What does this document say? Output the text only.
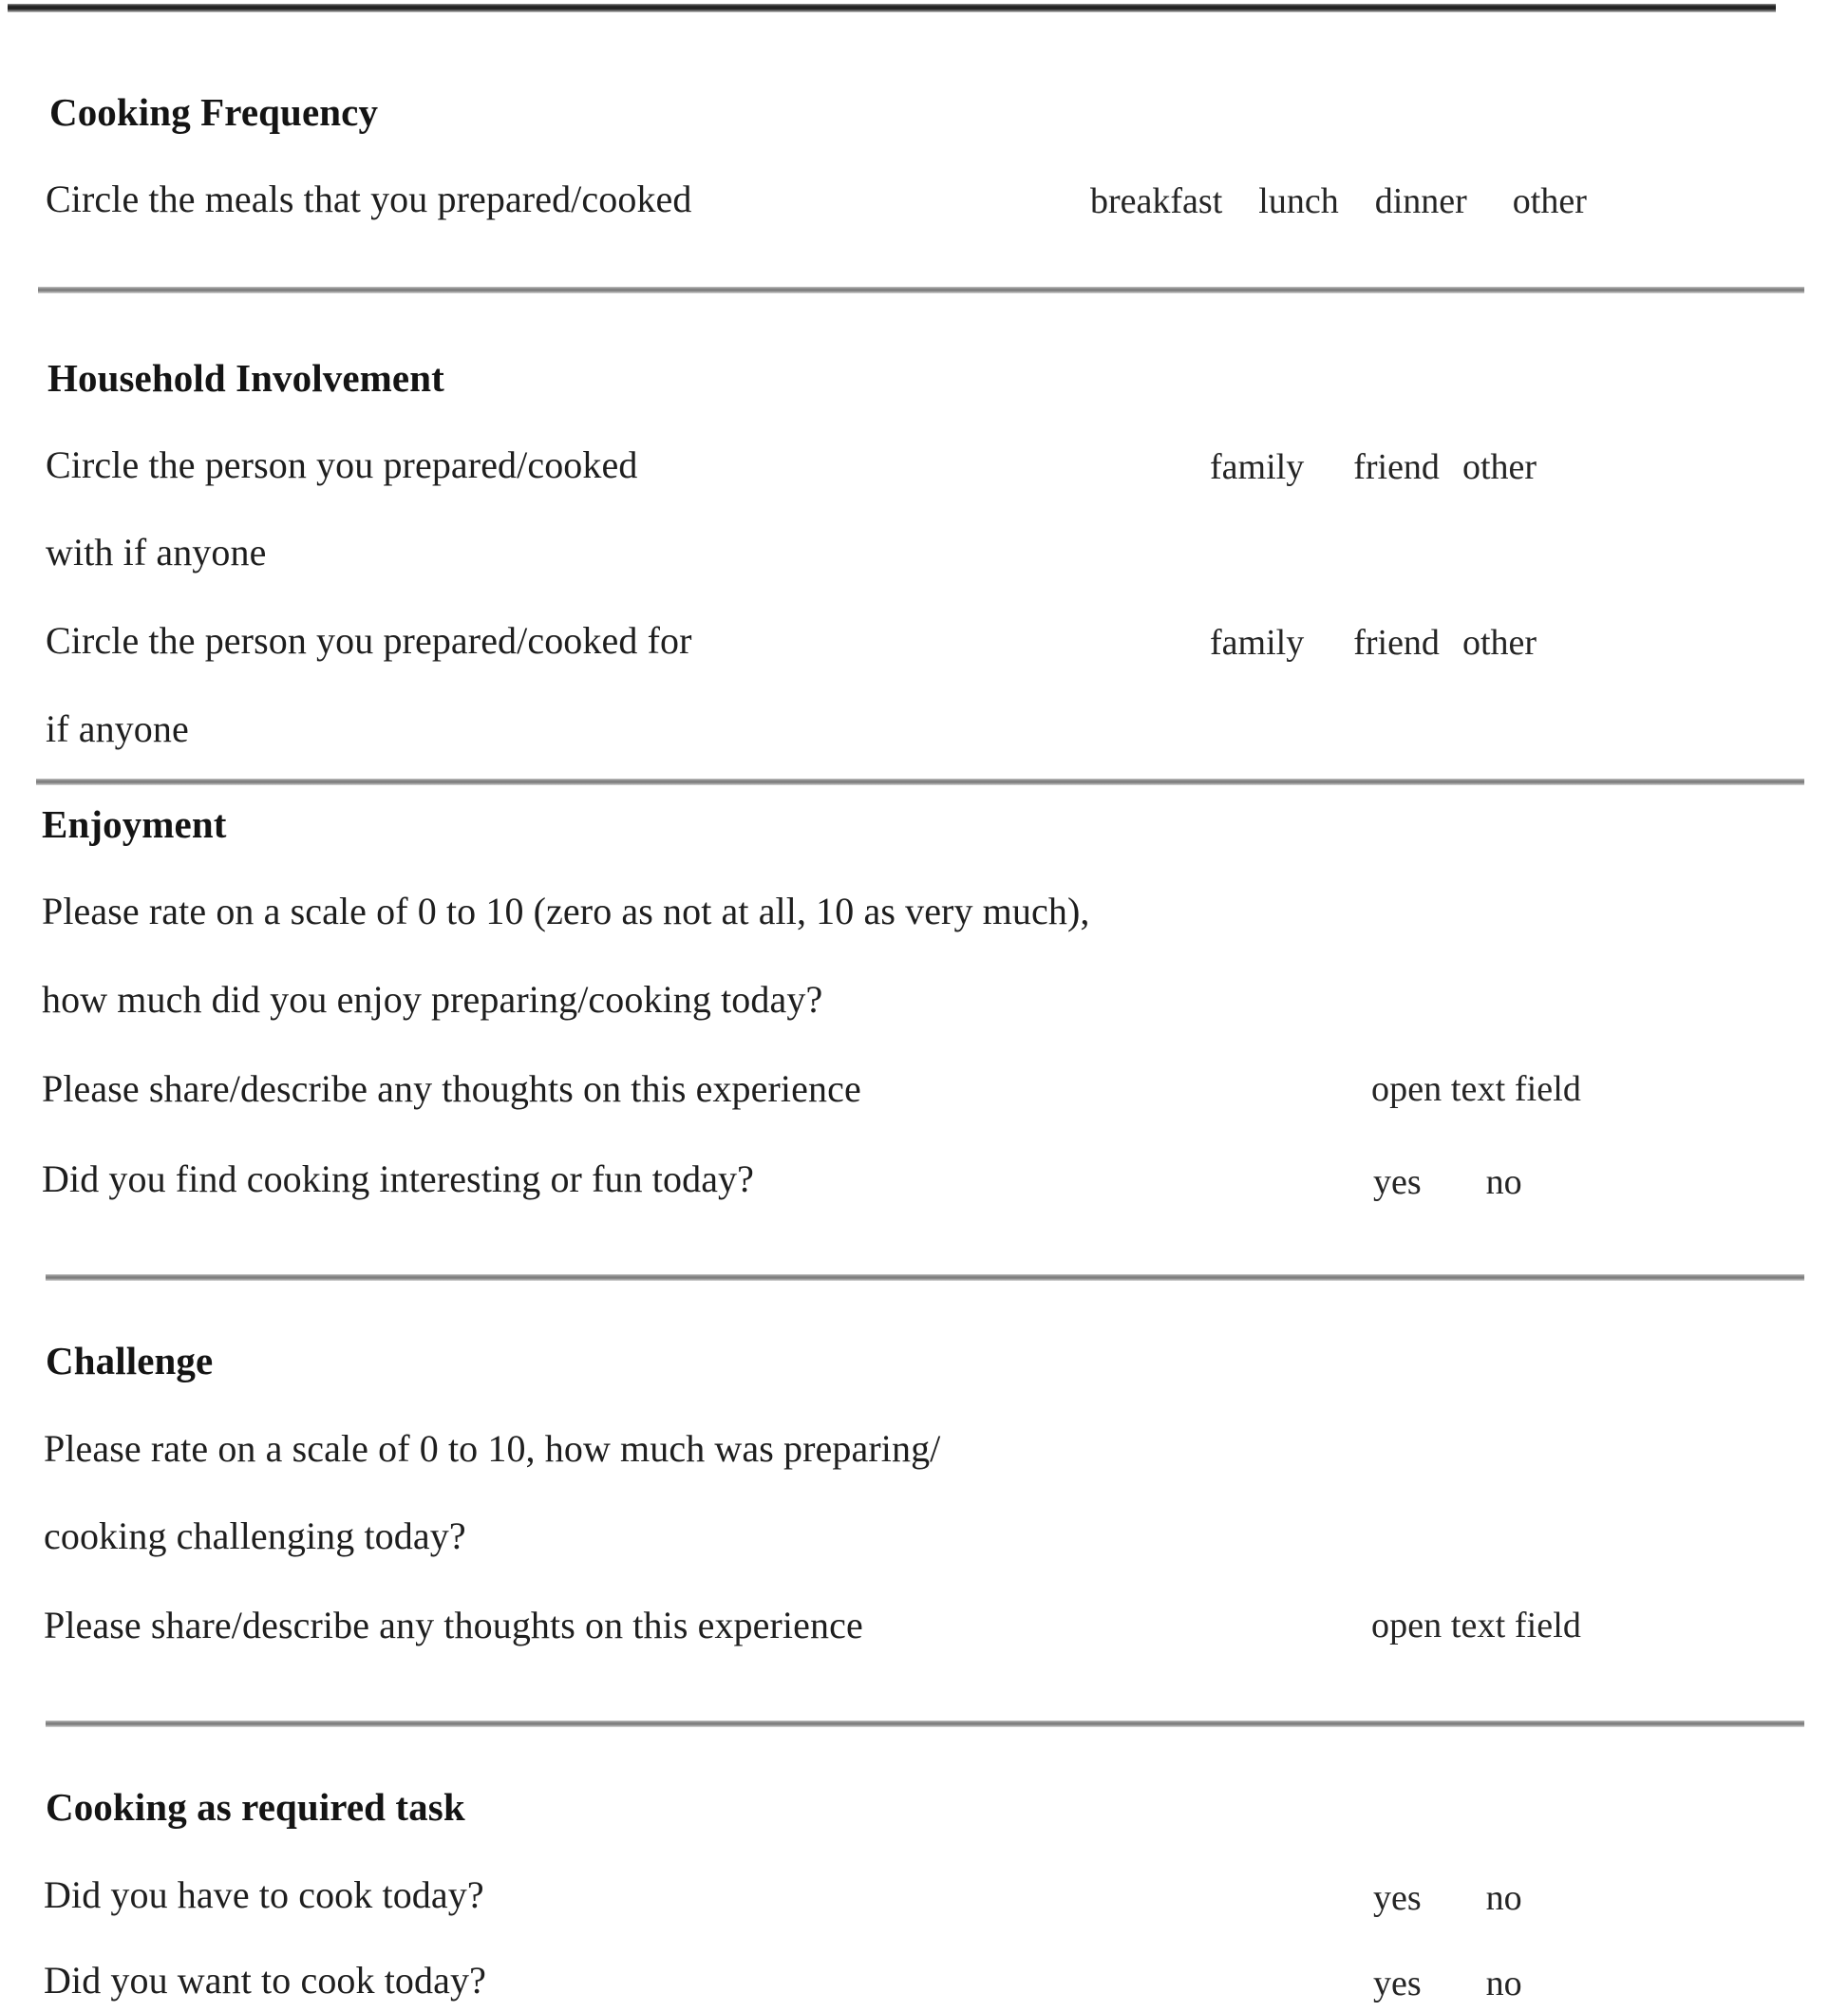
Cooking Frequency
Circle the meals that you prepared/cooked	breakfast lunch dinner other
Household Involvement
Circle the person you prepared/cooked	family friend other
with if anyone
Circle the person you prepared/cooked for	family friend other
if anyone
Enjoyment
Please rate on a scale of 0 to 10 (zero as not at all, 10 as very much),
how much did you enjoy preparing/cooking today?
Please share/describe any thoughts on this experience	open text field
Did you find cooking interesting or fun today?	yes no
Challenge
Please rate on a scale of 0 to 10, how much was preparing/
cooking challenging today?
Please share/describe any thoughts on this experience	open text field
Cooking as required task
Did you have to cook today?	yes no
Did you want to cook today?	yes no
